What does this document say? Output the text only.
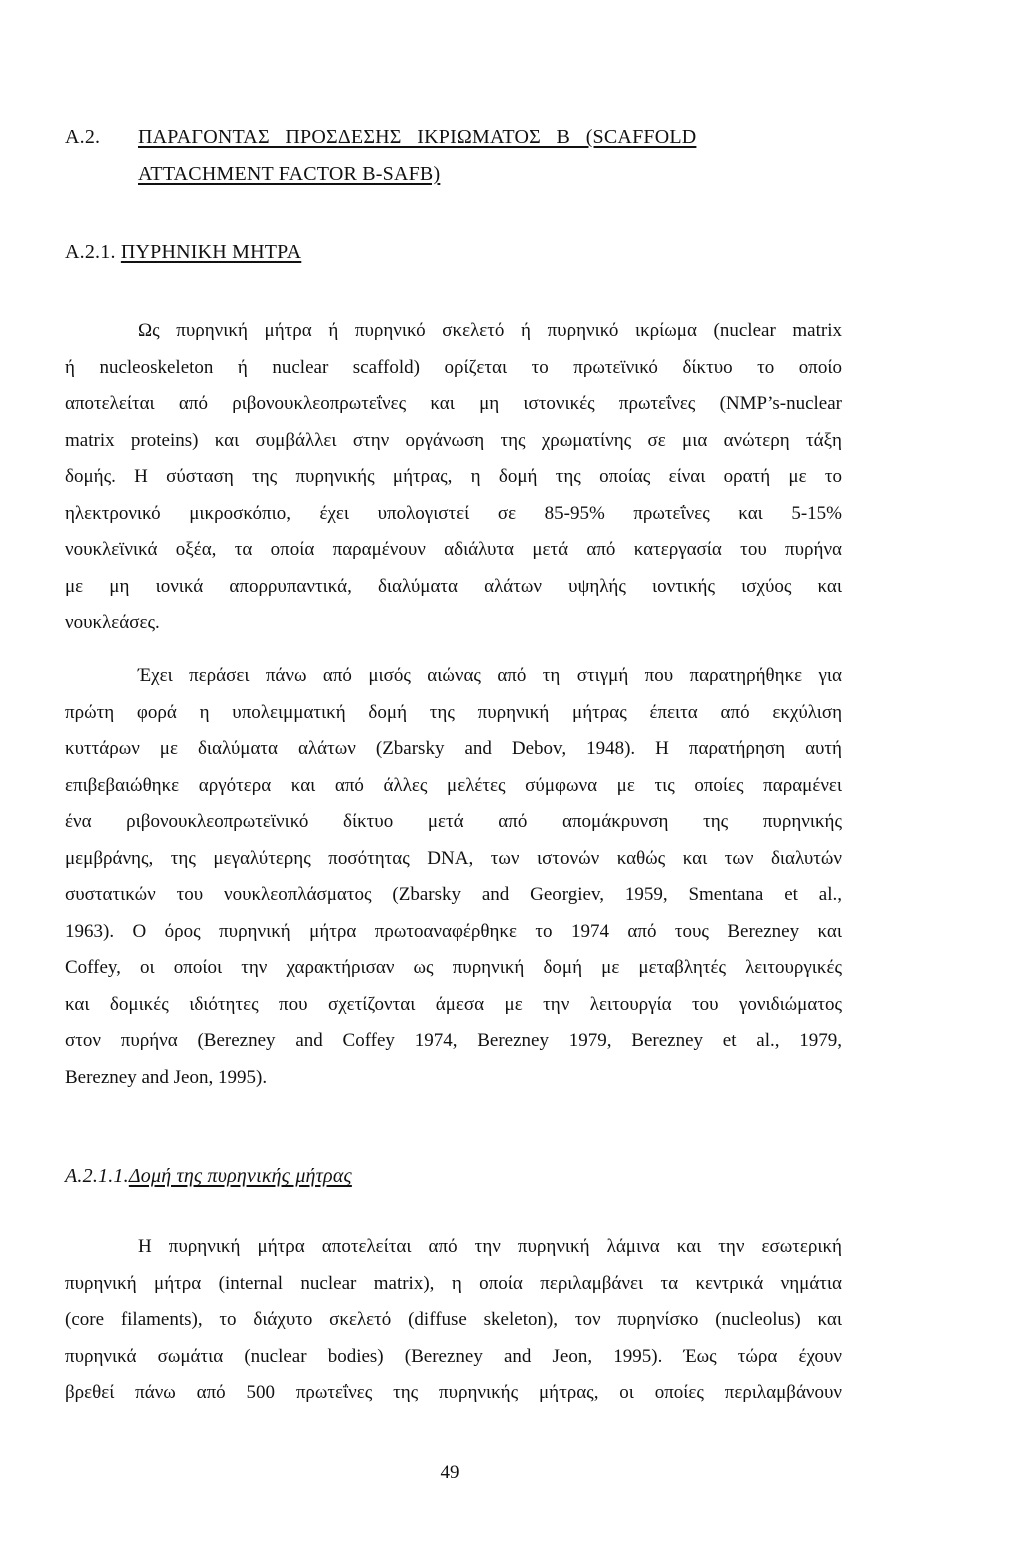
Α.2. ΠΑΡΑΓΟΝΤΑΣ   ΠΡΟΣΔΕΣΗΣ   ΙΚΡΙΩΜΑΤΟΣ   Β   (SCAFFOLD
ATTACHMENT FACTOR B-SAFB)
Α.2.1. ΠΥΡΗΝΙΚΗ ΜΗΤΡΑ
Ως πυρηνική μήτρα ή πυρηνικό σκελετό ή πυρηνικό ικρίωμα (nuclear matrix
ή nucleoskeleton ή nuclear scaffold) ορίζεται το πρωτεϊνικό δίκτυο το οποίο
αποτελείται από ριβονουκλεοπρωτεΐνες και μη ιστονικές πρωτεΐνες (NMP’s-nuclear
matrix proteins) και συμβάλλει στην οργάνωση της χρωματίνης σε μια ανώτερη τάξη
δομής. Η σύσταση της πυρηνικής μήτρας, η δομή της οποίας είναι ορατή με το
ηλεκτρονικό μικροσκόπιο, έχει υπολογιστεί σε 85-95% πρωτεΐνες και 5-15%
νουκλεϊνικά οξέα, τα οποία παραμένουν αδιάλυτα μετά από κατεργασία του πυρήνα
με μη ιονικά απορρυπαντικά, διαλύματα αλάτων υψηλής ιοντικής ισχύος και
νουκλεάσες.
Έχει περάσει πάνω από μισός αιώνας από τη στιγμή που παρατηρήθηκε για
πρώτη φορά η υπολειμματική δομή της πυρηνική μήτρας έπειτα από εκχύλιση
κυττάρων με διαλύματα αλάτων (Zbarsky and Debov, 1948). Η παρατήρηση αυτή
επιβεβαιώθηκε αργότερα και από άλλες μελέτες σύμφωνα με τις οποίες παραμένει
ένα ριβονουκλεοπρωτεϊνικό δίκτυο μετά από απομάκρυνση της πυρηνικής
μεμβράνης, της μεγαλύτερης ποσότητας DNA, των ιστονών καθώς και των διαλυτών
συστατικών του νουκλεοπλάσματος (Zbarsky and Georgiev, 1959, Smentana et al.,
1963). Ο όρος πυρηνική μήτρα πρωτοαναφέρθηκε το 1974 από τους Berezney και
Coffey, οι οποίοι την χαρακτήρισαν ως πυρηνική δομή με μεταβλητές λειτουργικές
και δομικές ιδιότητες που σχετίζονται άμεσα με την λειτουργία του γονιδιώματος
στον πυρήνα (Berezney and Coffey 1974, Berezney 1979, Berezney et al., 1979,
Berezney and Jeon, 1995).
Α.2.1.1.Δομή της πυρηνικής μήτρας
Η πυρηνική μήτρα αποτελείται από την πυρηνική λάμινα και την εσωτερική
πυρηνική μήτρα (internal nuclear matrix), η οποία περιλαμβάνει τα κεντρικά νημάτια
(core filaments), το διάχυτο σκελετό (diffuse skeleton), τον πυρηνίσκο (nucleolus) και
πυρηνικά σωμάτια (nuclear bodies) (Berezney and Jeon, 1995). Έως τώρα έχουν
βρεθεί πάνω από 500 πρωτεΐνες της πυρηνικής μήτρας, οι οποίες περιλαμβάνουν
49
